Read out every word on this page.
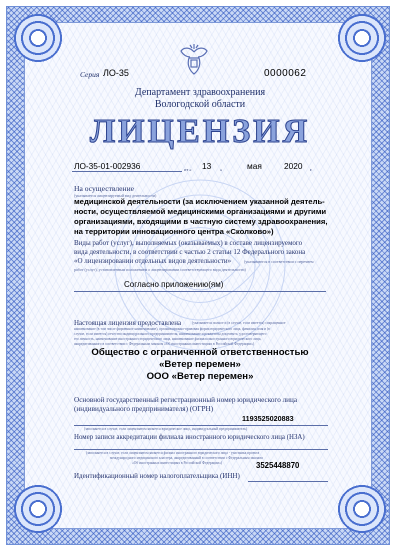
Серия ЛО-35	0000062
Департамент здравоохранения
Вологодской области
ЛИЦЕНЗИЯ
ЛО-35-01-002936	от « 13 »	мая	2020 г.
На осуществление
(указывается лицензируемый вид деятельности)
медицинской деятельности (за исключением указанной деятель-
ности, осуществляемой медицинскими организациями и другими
организациями, входящими в частную систему здравоохранения,
на территории инновационного центра «Сколково»)
Виды работ (услуг), выполняемых (оказываемых) в составе лицензируемого
вида деятельности, в соответствии с частью 2 статьи 12 Федерального закона
«О лицензировании отдельных видов деятельности»	(указываются в соответствии с перечнем
работ (услуг), установленным положением о лицензировании соответствующего вида деятельности)
Согласно приложению(ям)
Настоящая лицензия предоставлена	(указывается полное и (в случае, если имеется) сокращенное
наименование (в том числе фирменное наименование), организационно-правовая форма юридического лица, фамилия, имя и (в
случае, если имеется) отчество индивидуального предпринимателя, наименование и реквизиты документа, удостоверяющего
его личность, наименование иностранного юридического лица, наименование филиала иностранного юридического лица,
аккредитованного в соответствии с Федеральным законом «Об иностранных инвестициях в Российской Федерации»)
Общество с ограниченной ответственностью
«Ветер перемен»
ООО «Ветер перемен»
Основной государственный регистрационный номер юридического лица
(индивидуального предпринимателя) (ОГРН)
1193525020883
(заполняется в случае, если лицензиатом является юридическое лицо, индивидуальный предприниматель)
Номер записи аккредитации филиала иностранного юридического лица (НЗА)
(заполняется в случае, если лицензиатом является филиал иностранного юридического лица - участника проекта
международного медицинского кластера, аккредитованный в соответствии с Федеральным законом
«Об иностранных инвестициях в Российской Федерации»)	3525448870
Идентификационный номер налогоплательщика (ИНН)
